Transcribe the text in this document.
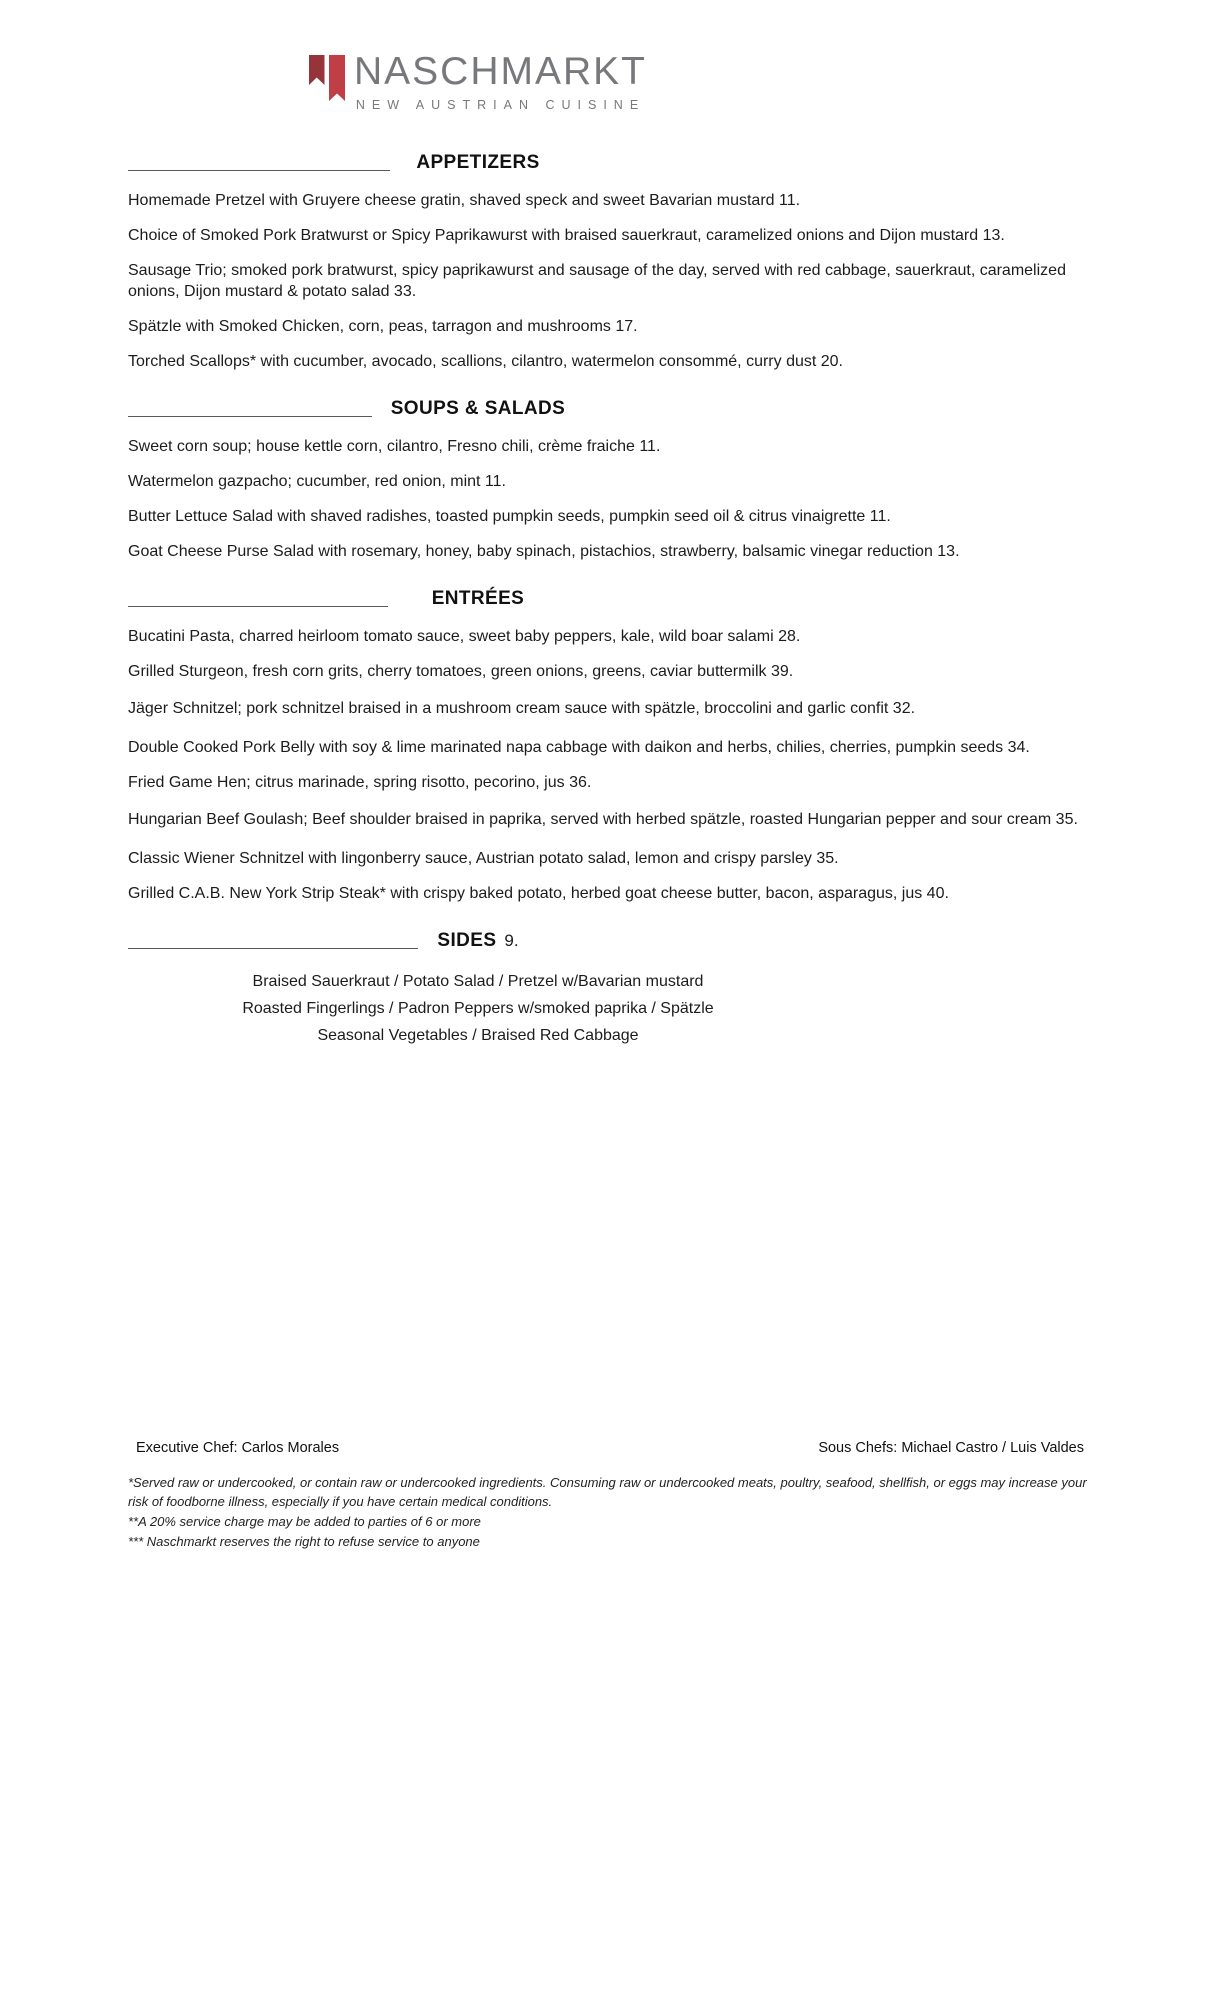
NASCHMARKT
NEW AUSTRIAN CUISINE
APPETIZERS

Homemade Pretzel with Gruyere cheese gratin, shaved speck and sweet Bavarian mustard 11.

Choice of Smoked Pork Bratwurst or Spicy Paprikawurst with braised sauerkraut, caramelized onions and Dijon mustard 13.

Sausage Trio; smoked pork bratwurst, spicy paprikawurst and sausage of the day, served with red cabbage, sauerkraut, caramelized onions, Dijon mustard & potato salad 33.

Spätzle with Smoked Chicken, corn, peas, tarragon and mushrooms 17.

Torched Scallops* with cucumber, avocado, scallions, cilantro, watermelon consommé, curry dust 20.

SOUPS & SALADS

Sweet corn soup; house kettle corn, cilantro, Fresno chili, crème fraiche 11.

Watermelon gazpacho; cucumber, red onion, mint 11.

Butter Lettuce Salad with shaved radishes, toasted pumpkin seeds, pumpkin seed oil & citrus vinaigrette 11.

Goat Cheese Purse Salad with rosemary, honey, baby spinach, pistachios, strawberry, balsamic vinegar reduction 13.

ENTRÉES

Bucatini Pasta, charred heirloom tomato sauce, sweet baby peppers, kale, wild boar salami 28.

Grilled Sturgeon, fresh corn grits, cherry tomatoes, green onions, greens, caviar buttermilk 39.

Jäger Schnitzel; pork schnitzel braised in a mushroom cream sauce with spätzle, broccolini and garlic confit 32.

Double Cooked Pork Belly with soy & lime marinated napa cabbage with daikon and herbs, chilies, cherries, pumpkin seeds 34.

Fried Game Hen; citrus marinade, spring risotto, pecorino, jus 36.

Hungarian Beef Goulash; Beef shoulder braised in paprika, served with herbed spätzle, roasted Hungarian pepper and sour cream 35.

Classic Wiener Schnitzel with lingonberry sauce, Austrian potato salad, lemon and crispy parsley 35.

Grilled C.A.B. New York Strip Steak* with crispy baked potato, herbed goat cheese butter, bacon, asparagus, jus 40.

SIDES 9.
Braised Sauerkraut / Potato Salad / Pretzel w/Bavarian mustard
Roasted Fingerlings / Padron Peppers w/smoked paprika / Spätzle
Seasonal Vegetables / Braised Red Cabbage
Executive Chef: Carlos Morales	Sous Chefs: Michael Castro / Luis Valdes
*Served raw or undercooked, or contain raw or undercooked ingredients. Consuming raw or undercooked meats, poultry, seafood, shellfish, or eggs may increase your risk of foodborne illness, especially if you have certain medical conditions.
**A 20% service charge may be added to parties of 6 or more
*** Naschmarkt reserves the right to refuse service to anyone
